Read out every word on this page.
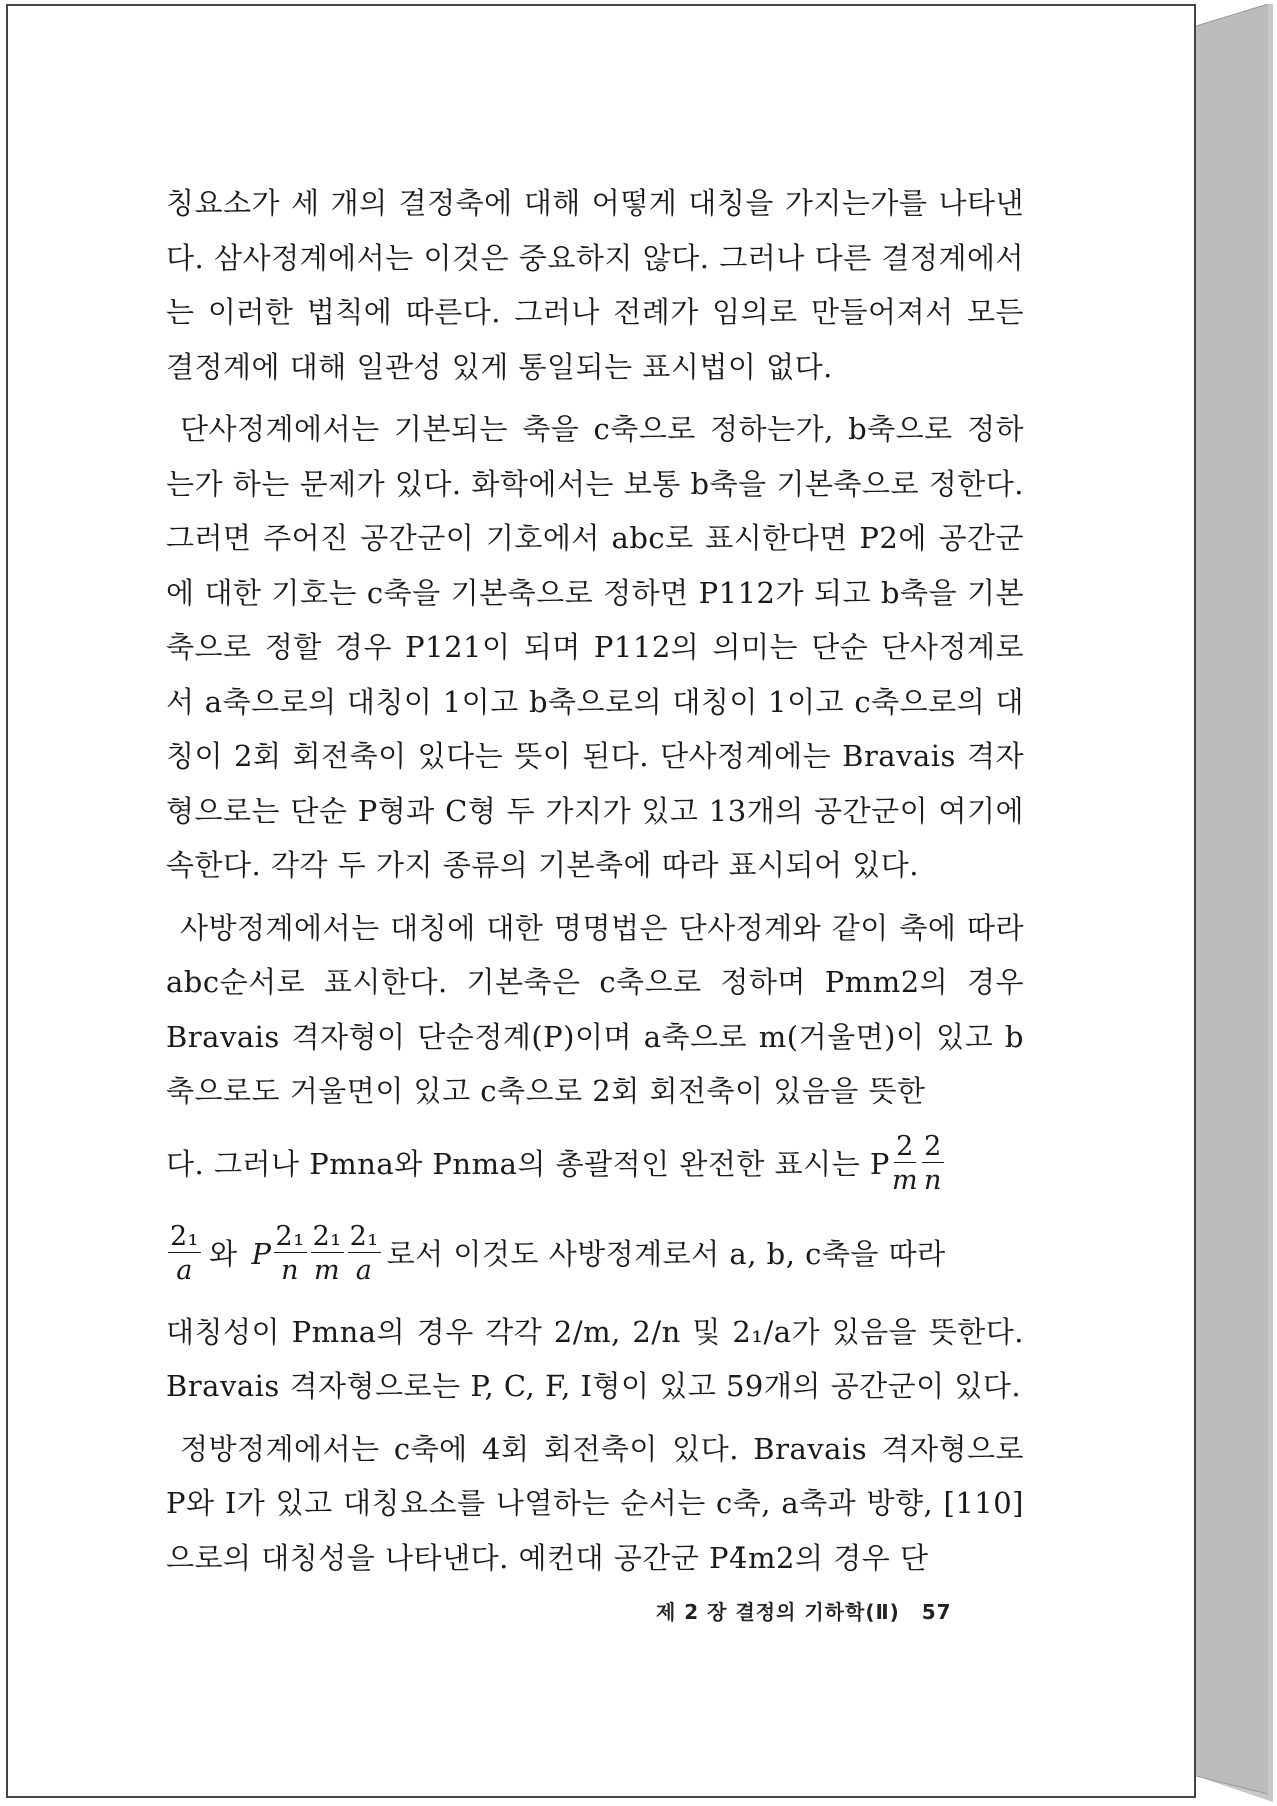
칭요소가 세 개의 결정축에 대해 어떻게 대칭을 가지는가를 나타낸다. 삼사정계에서는 이것은 중요하지 않다. 그러나 다른 결정계에서는 이러한 법칙에 따른다. 그러나 전례가 임의로 만들어져서 모든 결정계에 대해 일관성 있게 통일되는 표시법이 없다.

단사정계에서는 기본되는 축을 c축으로 정하는가, b축으로 정하는가 하는 문제가 있다. 화학에서는 보통 b축을 기본축으로 정한다. 그러면 주어진 공간군이 기호에서 abc로 표시한다면 P2에 공간군에 대한 기호는 c축을 기본축으로 정하면 P112가 되고 b축을 기본축으로 정할 경우 P121이 되며 P112의 의미는 단순 단사정계로서 a축으로의 대칭이 1이고 b축으로의 대칭이 1이고 c축으로의 대칭이 2회 회전축이 있다는 뜻이 된다. 단사정계에는 Bravais 격자형으로는 단순 P형과 C형 두 가지가 있고 13개의 공간군이 여기에 속한다. 각각 두 가지 종류의 기본축에 따라 표시되어 있다.

사방정계에서는 대칭에 대한 명명법은 단사정계와 같이 축에 따라 abc순서로 표시한다. 기본축은 c축으로 정하며 Pmm2의 경우 Bravais 격자형이 단순정계(P)이며 a축으로 m(거울면)이 있고 b축으로도 거울면이 있고 c축으로 2회 회전축이 있음을 뜻한

다. 그러나 Pmna와 Pnma의 총괄적인 완전한 표시는 P $\frac{2}{m} \frac{2}{n}$
$\frac{\text{2₁}}{a}$ 와 P $\frac{\text{2₁}}{n} \frac{\text{2₁}}{m} \frac{\text{2₁}}{a}$ 로서 이것도 사방정계로서 a, b, c축을 따라

대칭성이 Pmna의 경우 각각 2/m, 2/n 및 2₁/a가 있음을 뜻한다. Bravais 격자형으로는 P, C, F, I형이 있고 59개의 공간군이 있다.

정방정계에서는 c축에 4회 회전축이 있다. Bravais 격자형으로 P와 I가 있고 대칭요소를 나열하는 순서는 c축, a축과 방향, [110]으로의 대칭성을 나타낸다. 예컨대 공간군 P4̄m2의 경우 단

제 2 장 결정의 기하학(Ⅱ) 57
